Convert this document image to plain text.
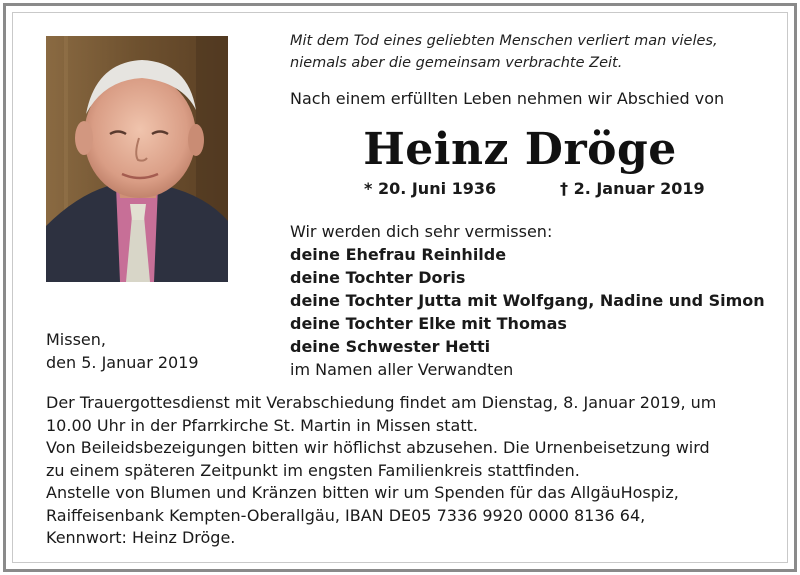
Mit dem Tod eines geliebten Menschen verliert man vieles,
niemals aber die gemeinsam verbrachte Zeit.
Nach einem erfüllten Leben nehmen wir Abschied von
Heinz Dröge
* 20. Juni 1936	† 2. Januar 2019
Wir werden dich sehr vermissen:
deine Ehefrau Reinhilde
deine Tochter Doris
deine Tochter Jutta mit Wolfgang, Nadine und Simon
deine Tochter Elke mit Thomas
deine Schwester Hetti
im Namen aller Verwandten
Missen,
den 5. Januar 2019
Der Trauergottesdienst mit Verabschiedung findet am Dienstag, 8. Januar 2019, um
10.00 Uhr in der Pfarrkirche St. Martin in Missen statt.
Von Beileidsbezeigungen bitten wir höflichst abzusehen. Die Urnenbeisetzung wird
zu einem späteren Zeitpunkt im engsten Familienkreis stattfinden.
Anstelle von Blumen und Kränzen bitten wir um Spenden für das AllgäuHospiz,
Raiffeisenbank Kempten-Oberallgäu, IBAN DE05 7336 9920 0000 8136 64,
Kennwort: Heinz Dröge.
